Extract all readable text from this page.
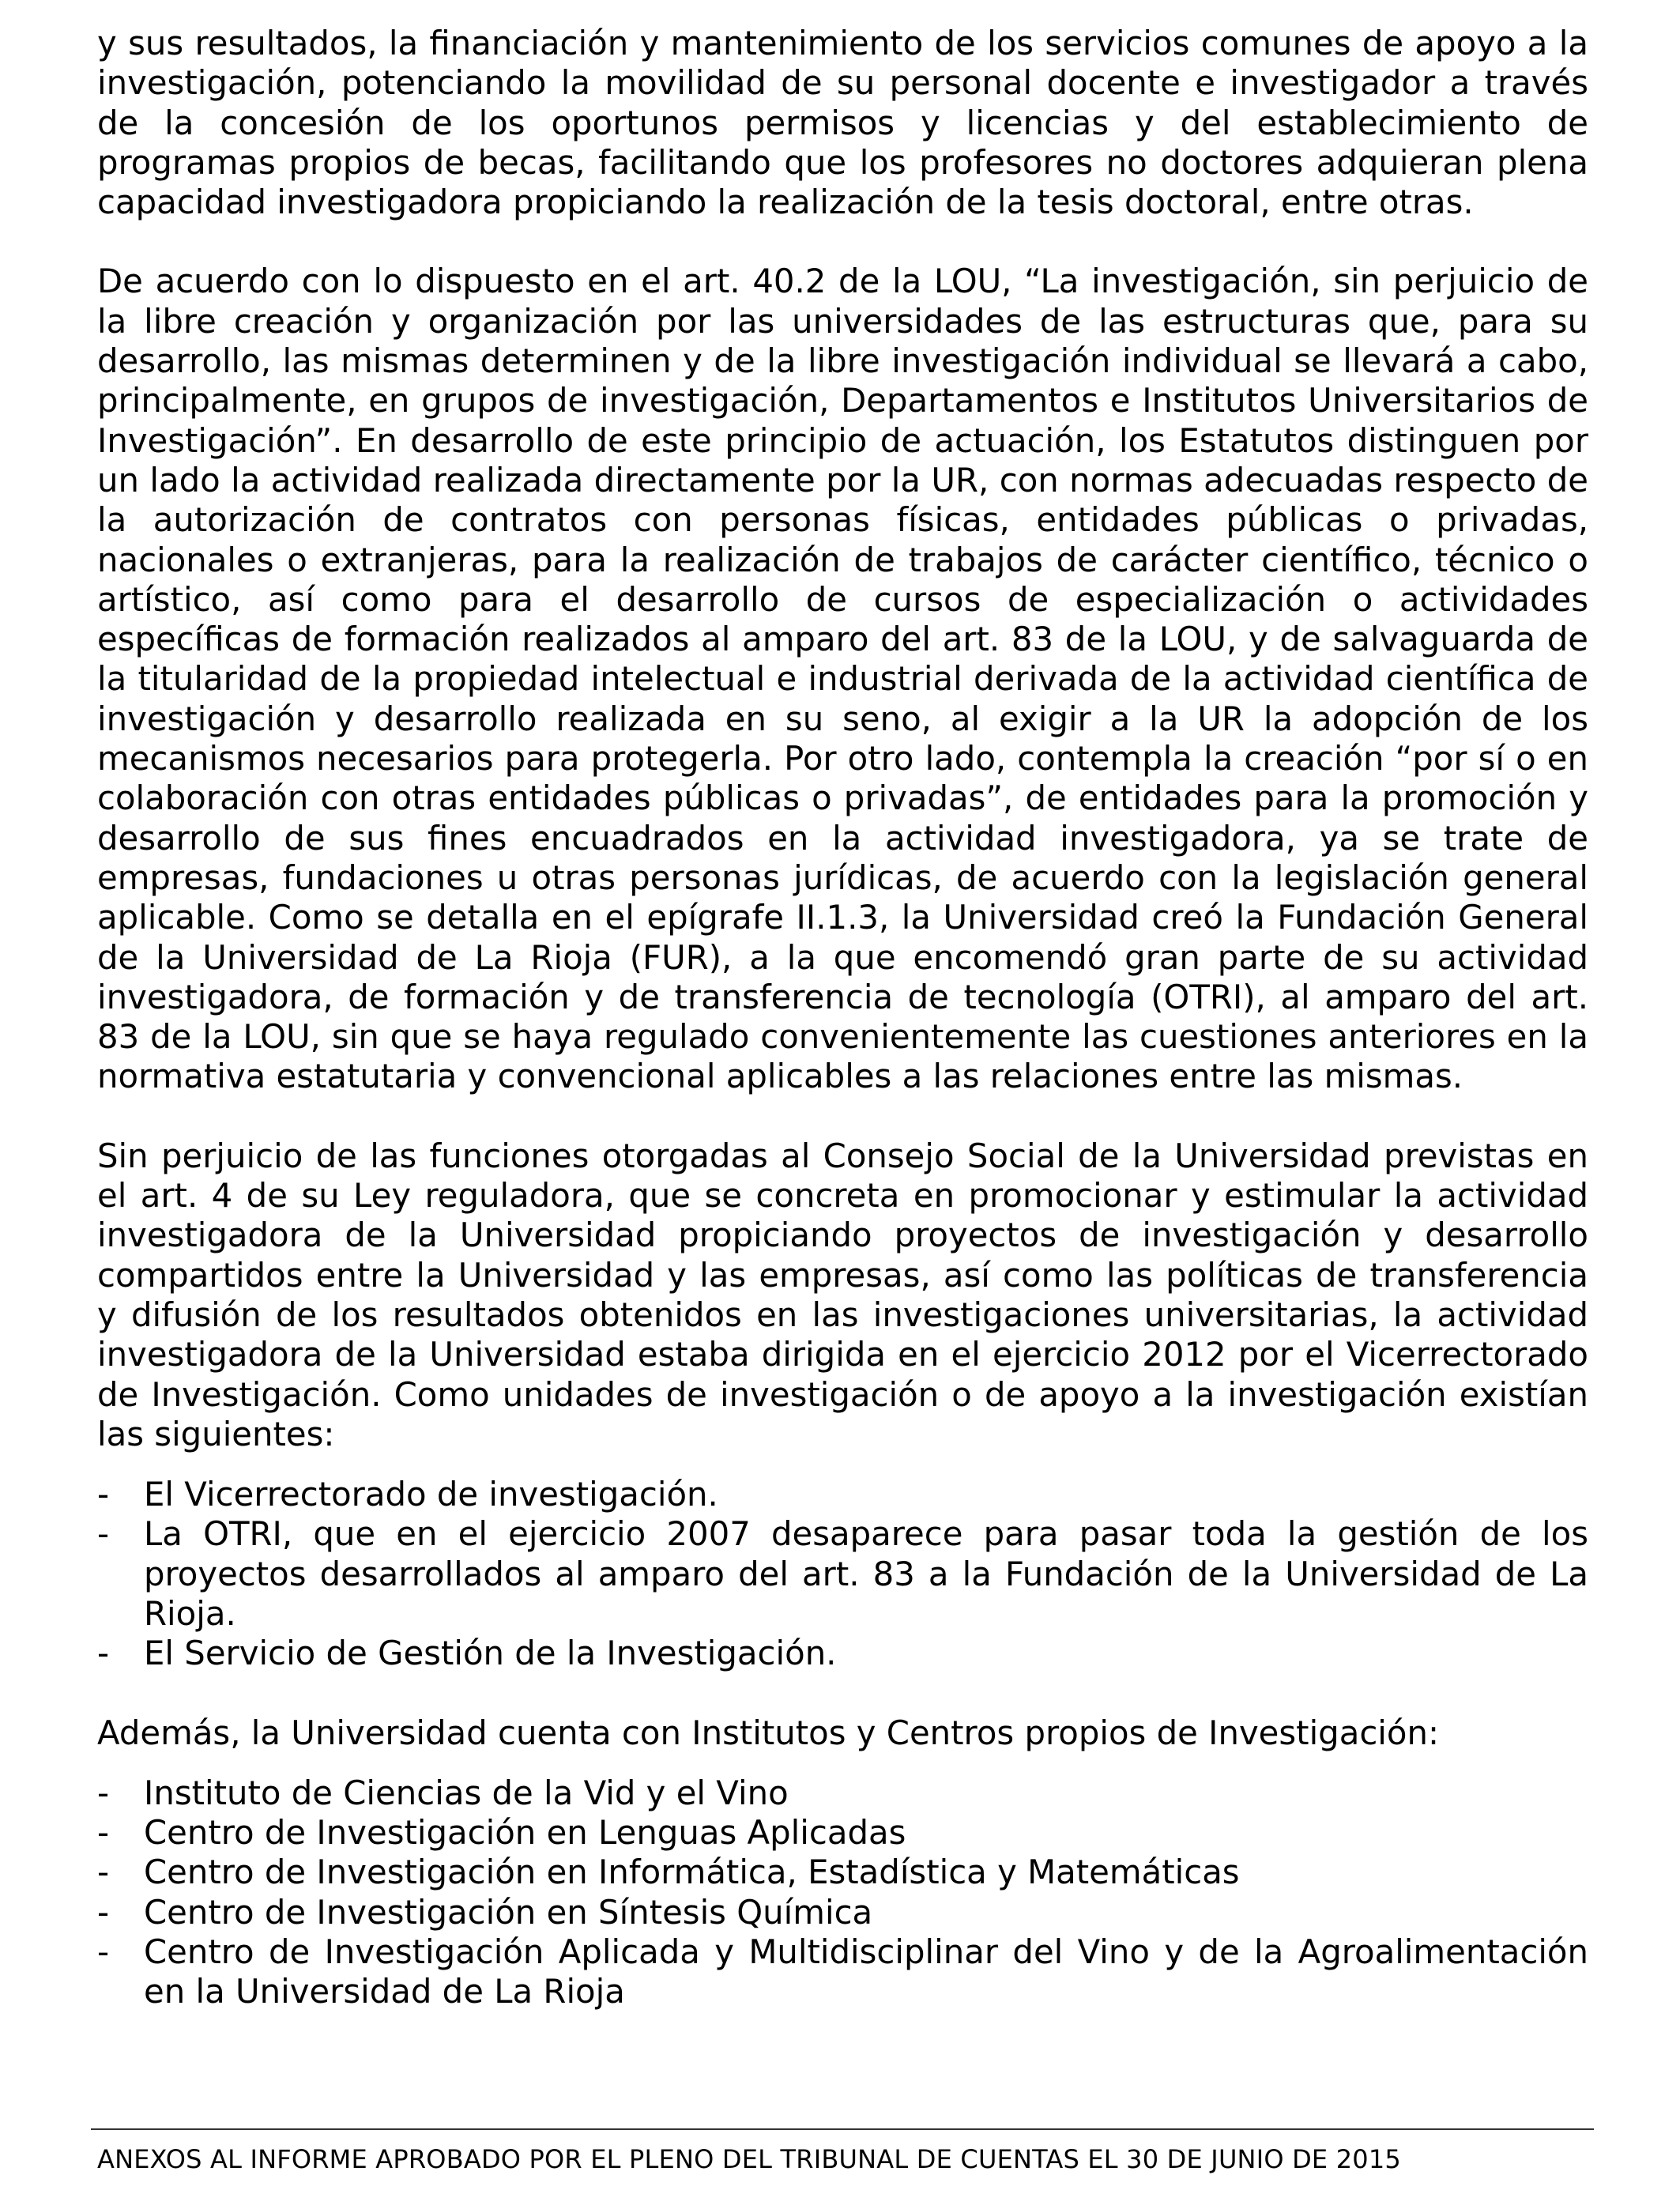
y sus resultados, la financiación y mantenimiento de los servicios comunes de apoyo a la investigación, potenciando la movilidad de su personal docente e investigador a través de la concesión de los oportunos permisos y licencias y del establecimiento de programas propios de becas, facilitando que los profesores no doctores adquieran plena capacidad investigadora propiciando la realización de la tesis doctoral, entre otras.

De acuerdo con lo dispuesto en el art. 40.2 de la LOU, “La investigación, sin perjuicio de la libre creación y organización por las universidades de las estructuras que, para su desarrollo, las mismas determinen y de la libre investigación individual se llevará a cabo, principalmente, en grupos de investigación, Departamentos e Institutos Universitarios de Investigación”. En desarrollo de este principio de actuación, los Estatutos distinguen por un lado la actividad realizada directamente por la UR, con normas adecuadas respecto de la autorización de contratos con personas físicas, entidades públicas o privadas, nacionales o extranjeras, para la realización de trabajos de carácter científico, técnico o artístico, así como para el desarrollo de cursos de especialización o actividades específicas de formación realizados al amparo del art. 83 de la LOU, y de salvaguarda de la titularidad de la propiedad intelectual e industrial derivada de la actividad científica de investigación y desarrollo realizada en su seno, al exigir a la UR la adopción de los mecanismos necesarios para protegerla. Por otro lado, contempla la creación “por sí o en colaboración con otras entidades públicas o privadas”, de entidades para la promoción y desarrollo de sus fines encuadrados en la actividad investigadora, ya se trate de empresas, fundaciones u otras personas jurídicas, de acuerdo con la legislación general aplicable. Como se detalla en el epígrafe II.1.3, la Universidad creó la Fundación General de la Universidad de La Rioja (FUR), a la que encomendó gran parte de su actividad investigadora, de formación y de transferencia de tecnología (OTRI), al amparo del art. 83 de la LOU, sin que se haya regulado convenientemente las cuestiones anteriores en la normativa estatutaria y convencional aplicables a las relaciones entre las mismas.

Sin perjuicio de las funciones otorgadas al Consejo Social de la Universidad previstas en el art. 4 de su Ley reguladora, que se concreta en promocionar y estimular la actividad investigadora de la Universidad propiciando proyectos de investigación y desarrollo compartidos entre la Universidad y las empresas, así como las políticas de transferencia y difusión de los resultados obtenidos en las investigaciones universitarias, la actividad investigadora de la Universidad estaba dirigida en el ejercicio 2012 por el Vicerrectorado de Investigación. Como unidades de investigación o de apoyo a la investigación existían las siguientes:

- El Vicerrectorado de investigación.
- La OTRI, que en el ejercicio 2007 desaparece para pasar toda la gestión de los proyectos desarrollados al amparo del art. 83 a la Fundación de la Universidad de La Rioja.
- El Servicio de Gestión de la Investigación.

Además, la Universidad cuenta con Institutos y Centros propios de Investigación:

- Instituto de Ciencias de la Vid y el Vino
- Centro de Investigación en Lenguas Aplicadas
- Centro de Investigación en Informática, Estadística y Matemáticas
- Centro de Investigación en Síntesis Química
- Centro de Investigación Aplicada y Multidisciplinar del Vino y de la Agroalimentación en la Universidad de La Rioja
ANEXOS AL INFORME APROBADO POR EL PLENO DEL TRIBUNAL DE CUENTAS EL 30 DE JUNIO DE 2015
